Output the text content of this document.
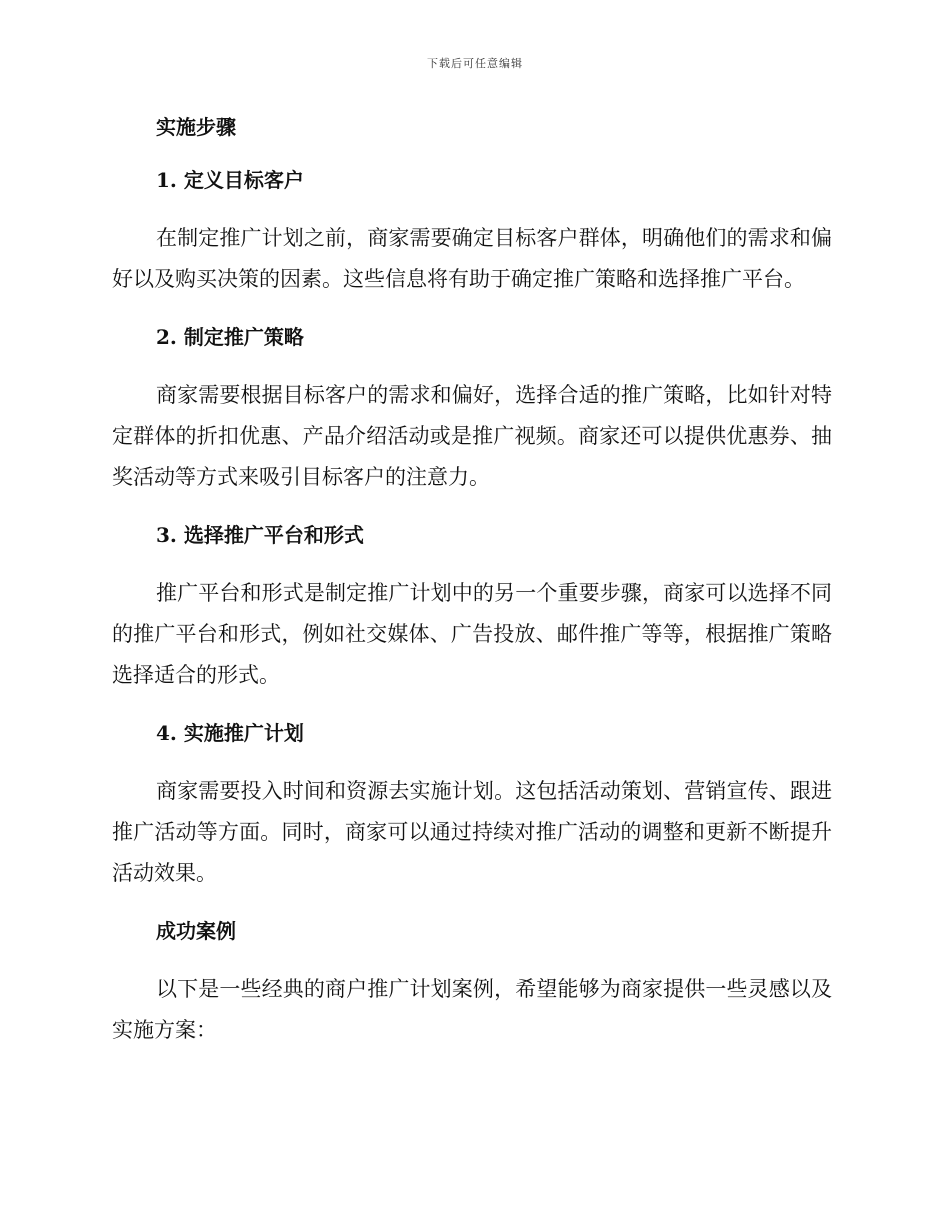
下载后可任意编辑
实施步骤
1. 定义目标客户

在制定推广计划之前，商家需要确定目标客户群体，明确他们的需求和偏好以及购买决策的因素。这些信息将有助于确定推广策略和选择推广平台。

2. 制定推广策略

商家需要根据目标客户的需求和偏好，选择合适的推广策略，比如针对特定群体的折扣优惠、产品介绍活动或是推广视频。商家还可以提供优惠券、抽奖活动等方式来吸引目标客户的注意力。

3. 选择推广平台和形式

推广平台和形式是制定推广计划中的另一个重要步骤，商家可以选择不同的推广平台和形式，例如社交媒体、广告投放、邮件推广等等，根据推广策略选择适合的形式。

4. 实施推广计划

商家需要投入时间和资源去实施计划。这包括活动策划、营销宣传、跟进推广活动等方面。同时，商家可以通过持续对推广活动的调整和更新不断提升活动效果。

成功案例

以下是一些经典的商户推广计划案例，希望能够为商家提供一些灵感以及实施方案：
